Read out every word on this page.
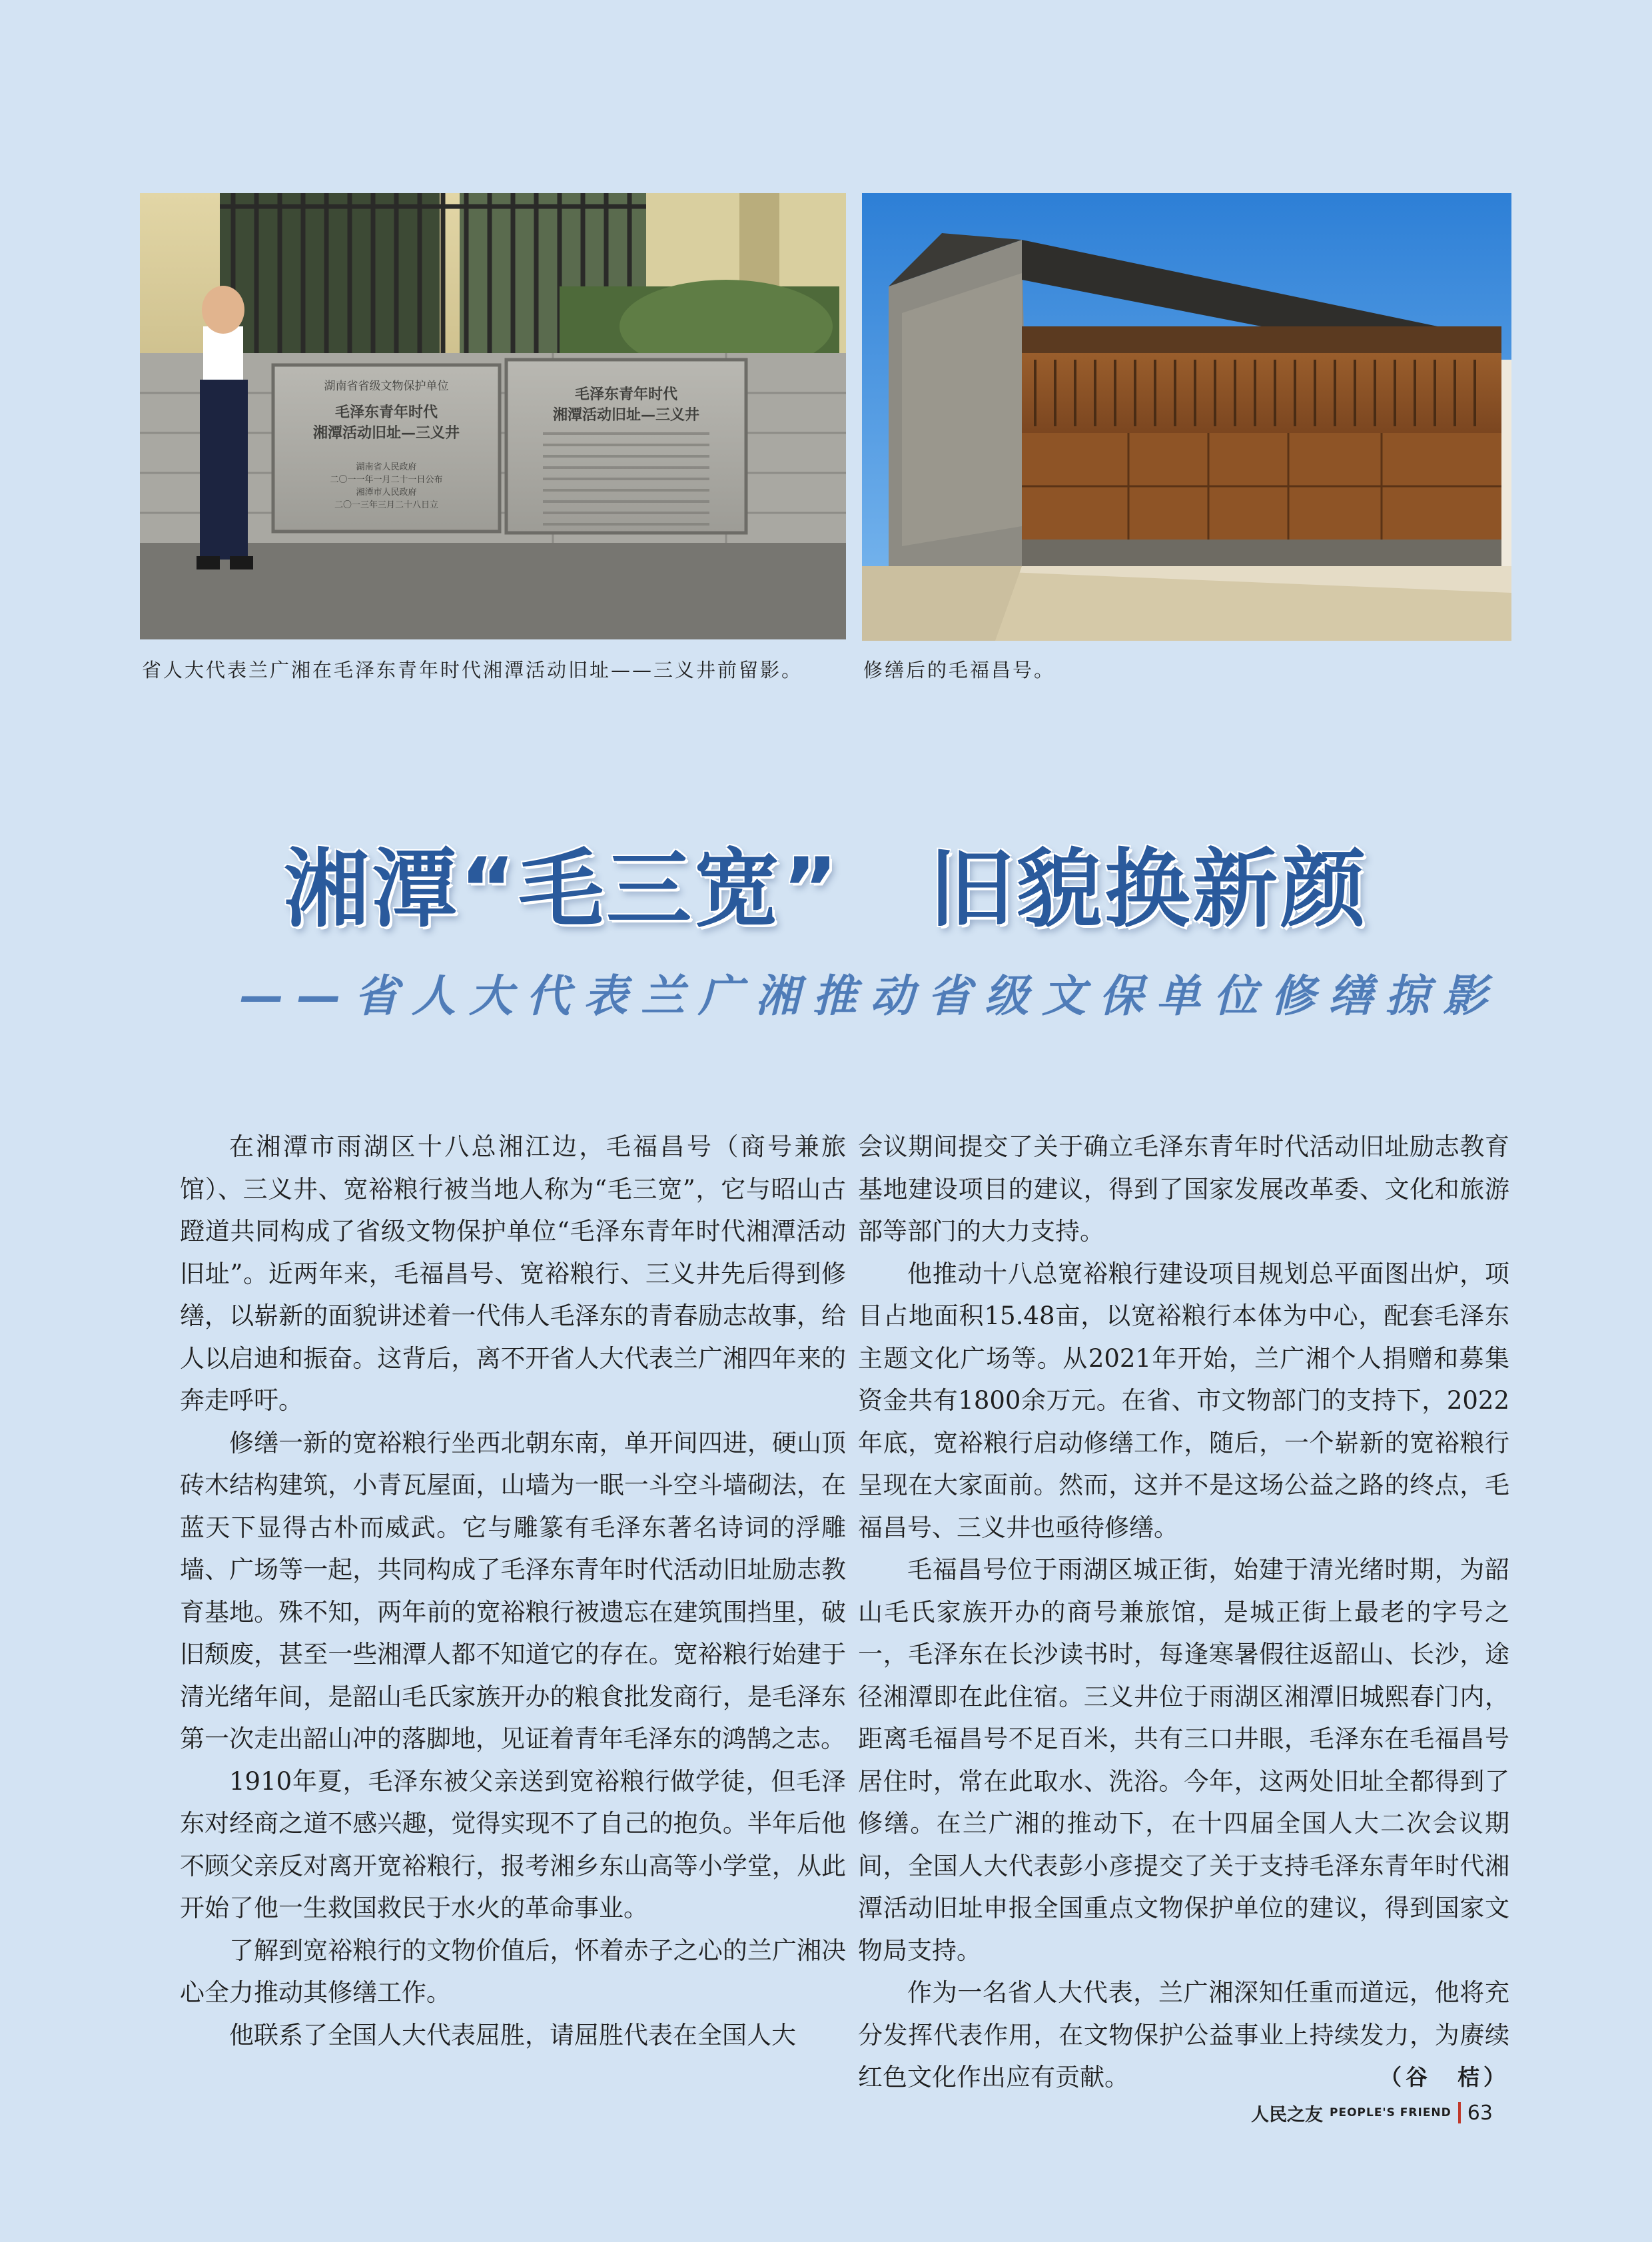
湖南省省级文物保护单位
毛泽东青年时代
湘潭活动旧址—三义井
湖南省人民政府
二〇一一年一月二十一日公布
湘潭市人民政府
二〇一三年三月二十八日立
毛泽东青年时代
湘潭活动旧址—三义井
省人大代表兰广湘在毛泽东青年时代湘潭活动旧址——三义井前留影。	修缮后的毛福昌号。
湘潭“毛三宽”　旧貌换新颜
——省人大代表兰广湘推动省级文保单位修缮掠影

在湘潭市雨湖区十八总湘江边，毛福昌号（商号兼旅馆）、三义井、宽裕粮行被当地人称为“毛三宽”，它与昭山古蹬道共同构成了省级文物保护单位“毛泽东青年时代湘潭活动旧址”。近两年来，毛福昌号、宽裕粮行、三义井先后得到修缮，以崭新的面貌讲述着一代伟人毛泽东的青春励志故事，给人以启迪和振奋。这背后，离不开省人大代表兰广湘四年来的奔走呼吁。

修缮一新的宽裕粮行坐西北朝东南，单开间四进，硬山顶砖木结构建筑，小青瓦屋面，山墙为一眠一斗空斗墙砌法，在蓝天下显得古朴而威武。它与雕篆有毛泽东著名诗词的浮雕墙、广场等一起，共同构成了毛泽东青年时代活动旧址励志教育基地。殊不知，两年前的宽裕粮行被遗忘在建筑围挡里，破旧颓废，甚至一些湘潭人都不知道它的存在。宽裕粮行始建于清光绪年间，是韶山毛氏家族开办的粮食批发商行，是毛泽东第一次走出韶山冲的落脚地，见证着青年毛泽东的鸿鹄之志。

1910年夏，毛泽东被父亲送到宽裕粮行做学徒，但毛泽东对经商之道不感兴趣，觉得实现不了自己的抱负。半年后他不顾父亲反对离开宽裕粮行，报考湘乡东山高等小学堂，从此开始了他一生救国救民于水火的革命事业。

了解到宽裕粮行的文物价值后，怀着赤子之心的兰广湘决心全力推动其修缮工作。

他联系了全国人大代表屈胜，请屈胜代表在全国人大

会议期间提交了关于确立毛泽东青年时代活动旧址励志教育基地建设项目的建议，得到了国家发展改革委、文化和旅游部等部门的大力支持。

他推动十八总宽裕粮行建设项目规划总平面图出炉，项目占地面积15.48亩，以宽裕粮行本体为中心，配套毛泽东主题文化广场等。从2021年开始，兰广湘个人捐赠和募集资金共有1800余万元。在省、市文物部门的支持下，2022年底，宽裕粮行启动修缮工作，随后，一个崭新的宽裕粮行呈现在大家面前。然而，这并不是这场公益之路的终点，毛福昌号、三义井也亟待修缮。

毛福昌号位于雨湖区城正街，始建于清光绪时期，为韶山毛氏家族开办的商号兼旅馆，是城正街上最老的字号之一，毛泽东在长沙读书时，每逢寒暑假往返韶山、长沙，途径湘潭即在此住宿。三义井位于雨湖区湘潭旧城熙春门内，距离毛福昌号不足百米，共有三口井眼，毛泽东在毛福昌号居住时，常在此取水、洗浴。今年，这两处旧址全都得到了修缮。在兰广湘的推动下，在十四届全国人大二次会议期间，全国人大代表彭小彦提交了关于支持毛泽东青年时代湘潭活动旧址申报全国重点文物保护单位的建议，得到国家文物局支持。

作为一名省人大代表，兰广湘深知任重而道远，他将充分发挥代表作用，在文物保护公益事业上持续发力，为赓续红色文化作出应有贡献。	（谷　桔）

人民之友 PEOPLE'S FRIEND 63
